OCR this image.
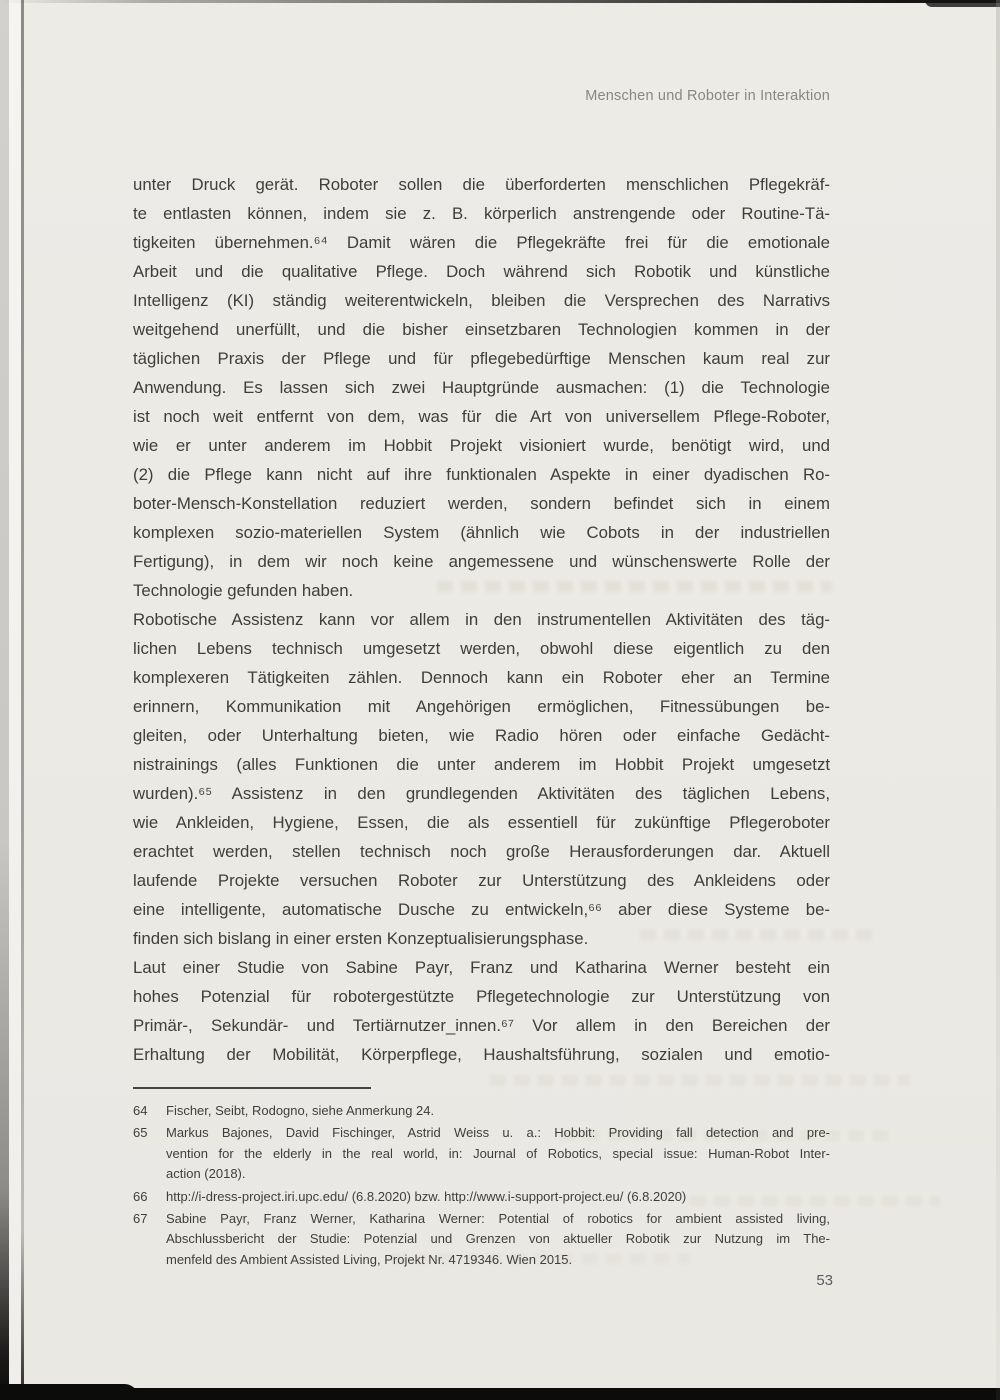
Menschen und Roboter in Interaktion
unter Druck gerät. Roboter sollen die überforderten menschlichen Pflegekräf-
te entlasten können, indem sie z. B. körperlich anstrengende oder Routine-Tä-
tigkeiten übernehmen.⁶⁴ Damit wären die Pflegekräfte frei für die emotionale
Arbeit und die qualitative Pflege. Doch während sich Robotik und künstliche
Intelligenz (KI) ständig weiterentwickeln, bleiben die Versprechen des Narrativs
weitgehend unerfüllt, und die bisher einsetzbaren Technologien kommen in der
täglichen Praxis der Pflege und für pflegebedürftige Menschen kaum real zur
Anwendung. Es lassen sich zwei Hauptgründe ausmachen: (1) die Technologie
ist noch weit entfernt von dem, was für die Art von universellem Pflege-Roboter,
wie er unter anderem im Hobbit Projekt visioniert wurde, benötigt wird, und
(2) die Pflege kann nicht auf ihre funktionalen Aspekte in einer dyadischen Ro-
boter-Mensch-Konstellation reduziert werden, sondern befindet sich in einem
komplexen sozio-materiellen System (ähnlich wie Cobots in der industriellen
Fertigung), in dem wir noch keine angemessene und wünschenswerte Rolle der
Technologie gefunden haben.
Robotische Assistenz kann vor allem in den instrumentellen Aktivitäten des täg-
lichen Lebens technisch umgesetzt werden, obwohl diese eigentlich zu den
komplexeren Tätigkeiten zählen. Dennoch kann ein Roboter eher an Termine
erinnern, Kommunikation mit Angehörigen ermöglichen, Fitnessübungen be-
gleiten, oder Unterhaltung bieten, wie Radio hören oder einfache Gedächt-
nistrainings (alles Funktionen die unter anderem im Hobbit Projekt umgesetzt
wurden).⁶⁵ Assistenz in den grundlegenden Aktivitäten des täglichen Lebens,
wie Ankleiden, Hygiene, Essen, die als essentiell für zukünftige Pflegeroboter
erachtet werden, stellen technisch noch große Herausforderungen dar. Aktuell
laufende Projekte versuchen Roboter zur Unterstützung des Ankleidens oder
eine intelligente, automatische Dusche zu entwickeln,⁶⁶ aber diese Systeme be-
finden sich bislang in einer ersten Konzeptualisierungsphase.
Laut einer Studie von Sabine Payr, Franz und Katharina Werner besteht ein
hohes Potenzial für robotergestützte Pflegetechnologie zur Unterstützung von
Primär-, Sekundär- und Tertiärnutzer_innen.⁶⁷ Vor allem in den Bereichen der
Erhaltung der Mobilität, Körperpflege, Haushaltsführung, sozialen und emotio-
64	Fischer, Seibt, Rodogno, siehe Anmerkung 24.
65	Markus Bajones, David Fischinger, Astrid Weiss u. a.: Hobbit: Providing fall detection and pre-
vention for the elderly in the real world, in: Journal of Robotics, special issue: Human-Robot Inter-
action (2018).
66	http://i-dress-project.iri.upc.edu/ (6.8.2020) bzw. http://www.i-support-project.eu/ (6.8.2020)
67	Sabine Payr, Franz Werner, Katharina Werner: Potential of robotics for ambient assisted living,
Abschlussbericht der Studie: Potenzial und Grenzen von aktueller Robotik zur Nutzung im The-
menfeld des Ambient Assisted Living, Projekt Nr. 4719346. Wien 2015.
53
